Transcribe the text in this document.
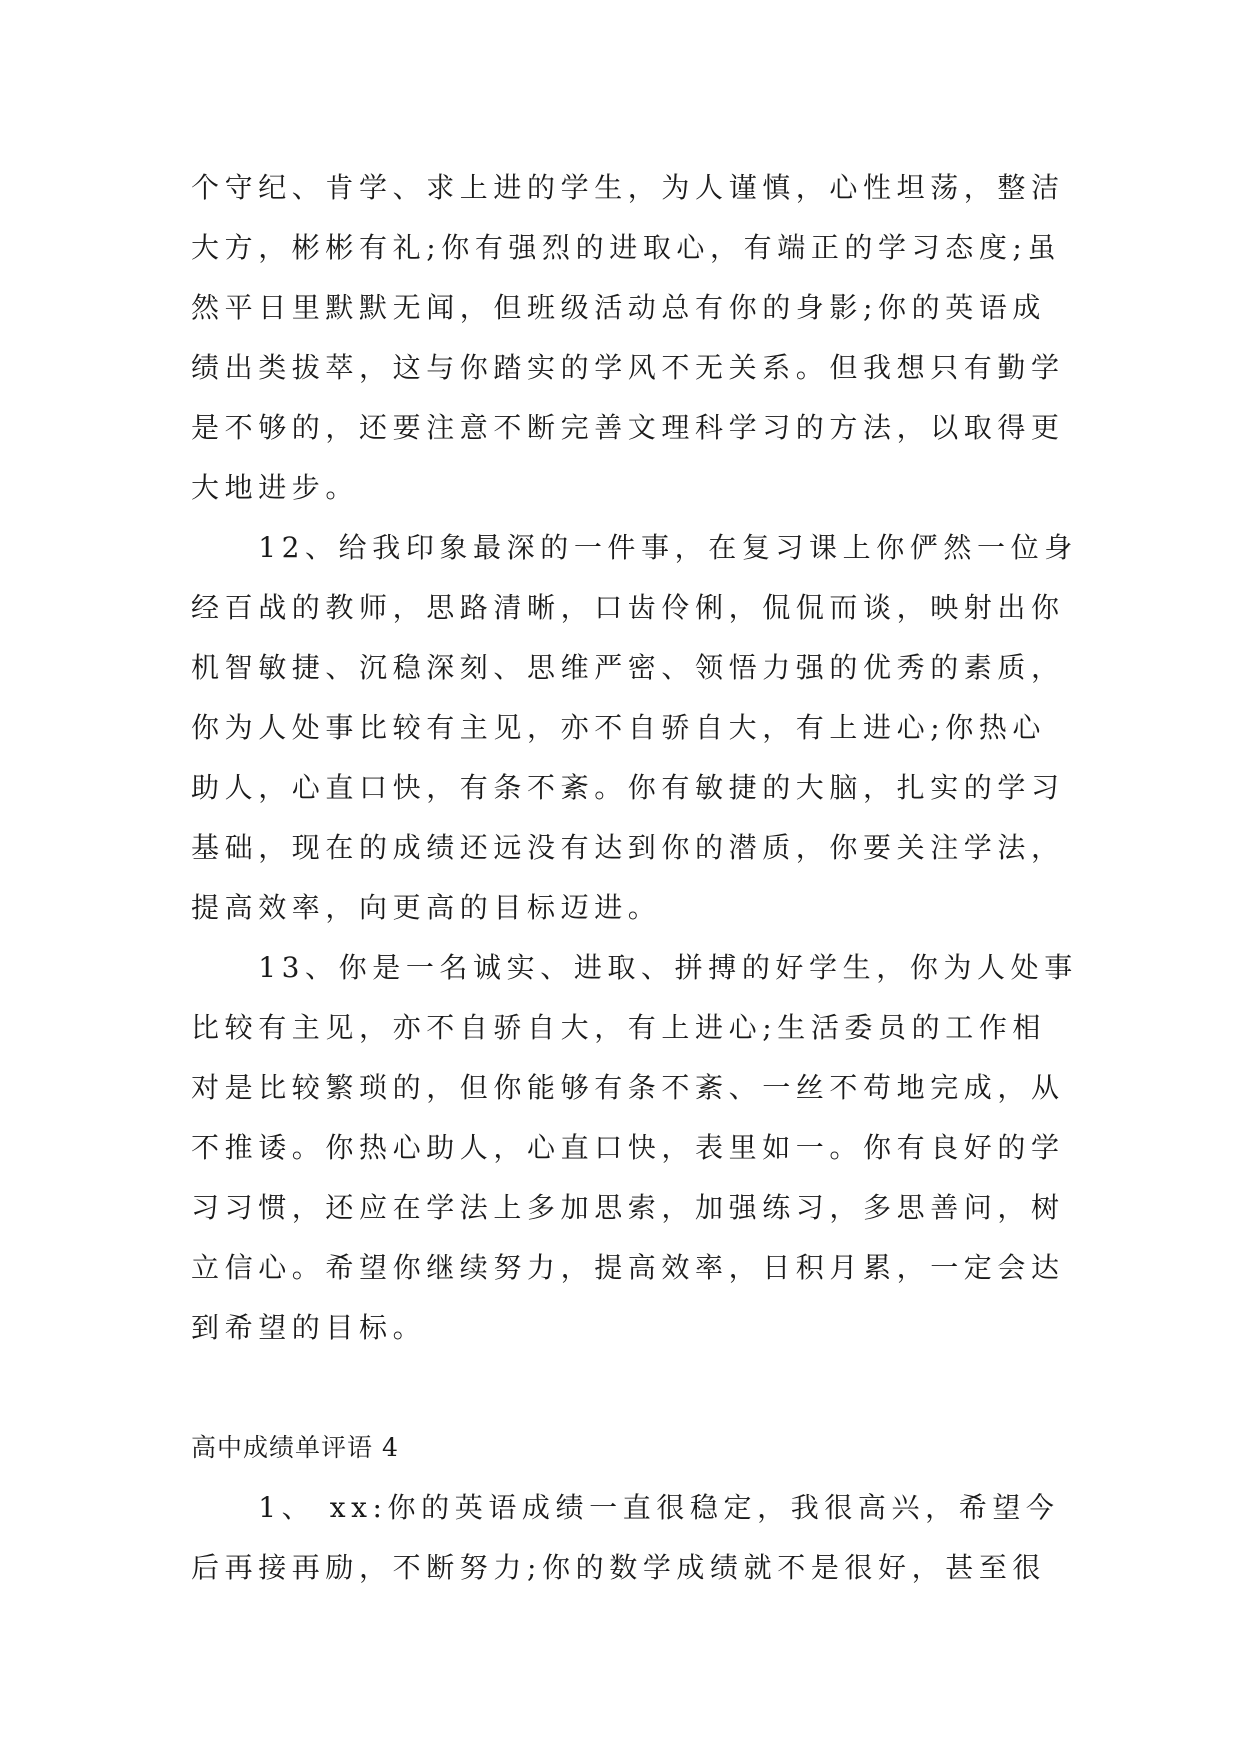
个守纪、肯学、求上进的学生，为人谨慎，心性坦荡，整洁
大方，彬彬有礼;你有强烈的进取心，有端正的学习态度;虽
然平日里默默无闻，但班级活动总有你的身影;你的英语成
绩出类拔萃，这与你踏实的学风不无关系。但我想只有勤学
是不够的，还要注意不断完善文理科学习的方法，以取得更
大地进步。
　　12、给我印象最深的一件事，在复习课上你俨然一位身
经百战的教师，思路清晰，口齿伶俐，侃侃而谈，映射出你
机智敏捷、沉稳深刻、思维严密、领悟力强的优秀的素质，
你为人处事比较有主见，亦不自骄自大，有上进心;你热心
助人，心直口快，有条不紊。你有敏捷的大脑，扎实的学习
基础，现在的成绩还远没有达到你的潜质，你要关注学法，
提高效率，向更高的目标迈进。
　　13、你是一名诚实、进取、拼搏的好学生，你为人处事
比较有主见，亦不自骄自大，有上进心;生活委员的工作相
对是比较繁琐的，但你能够有条不紊、一丝不苟地完成，从
不推诿。你热心助人，心直口快，表里如一。你有良好的学
习习惯，还应在学法上多加思索，加强练习，多思善问，树
立信心。希望你继续努力，提高效率，日积月累，一定会达
到希望的目标。
高中成绩单评语 4
　　1、 xx:你的英语成绩一直很稳定，我很高兴，希望今
后再接再励，不断努力;你的数学成绩就不是很好，甚至很
